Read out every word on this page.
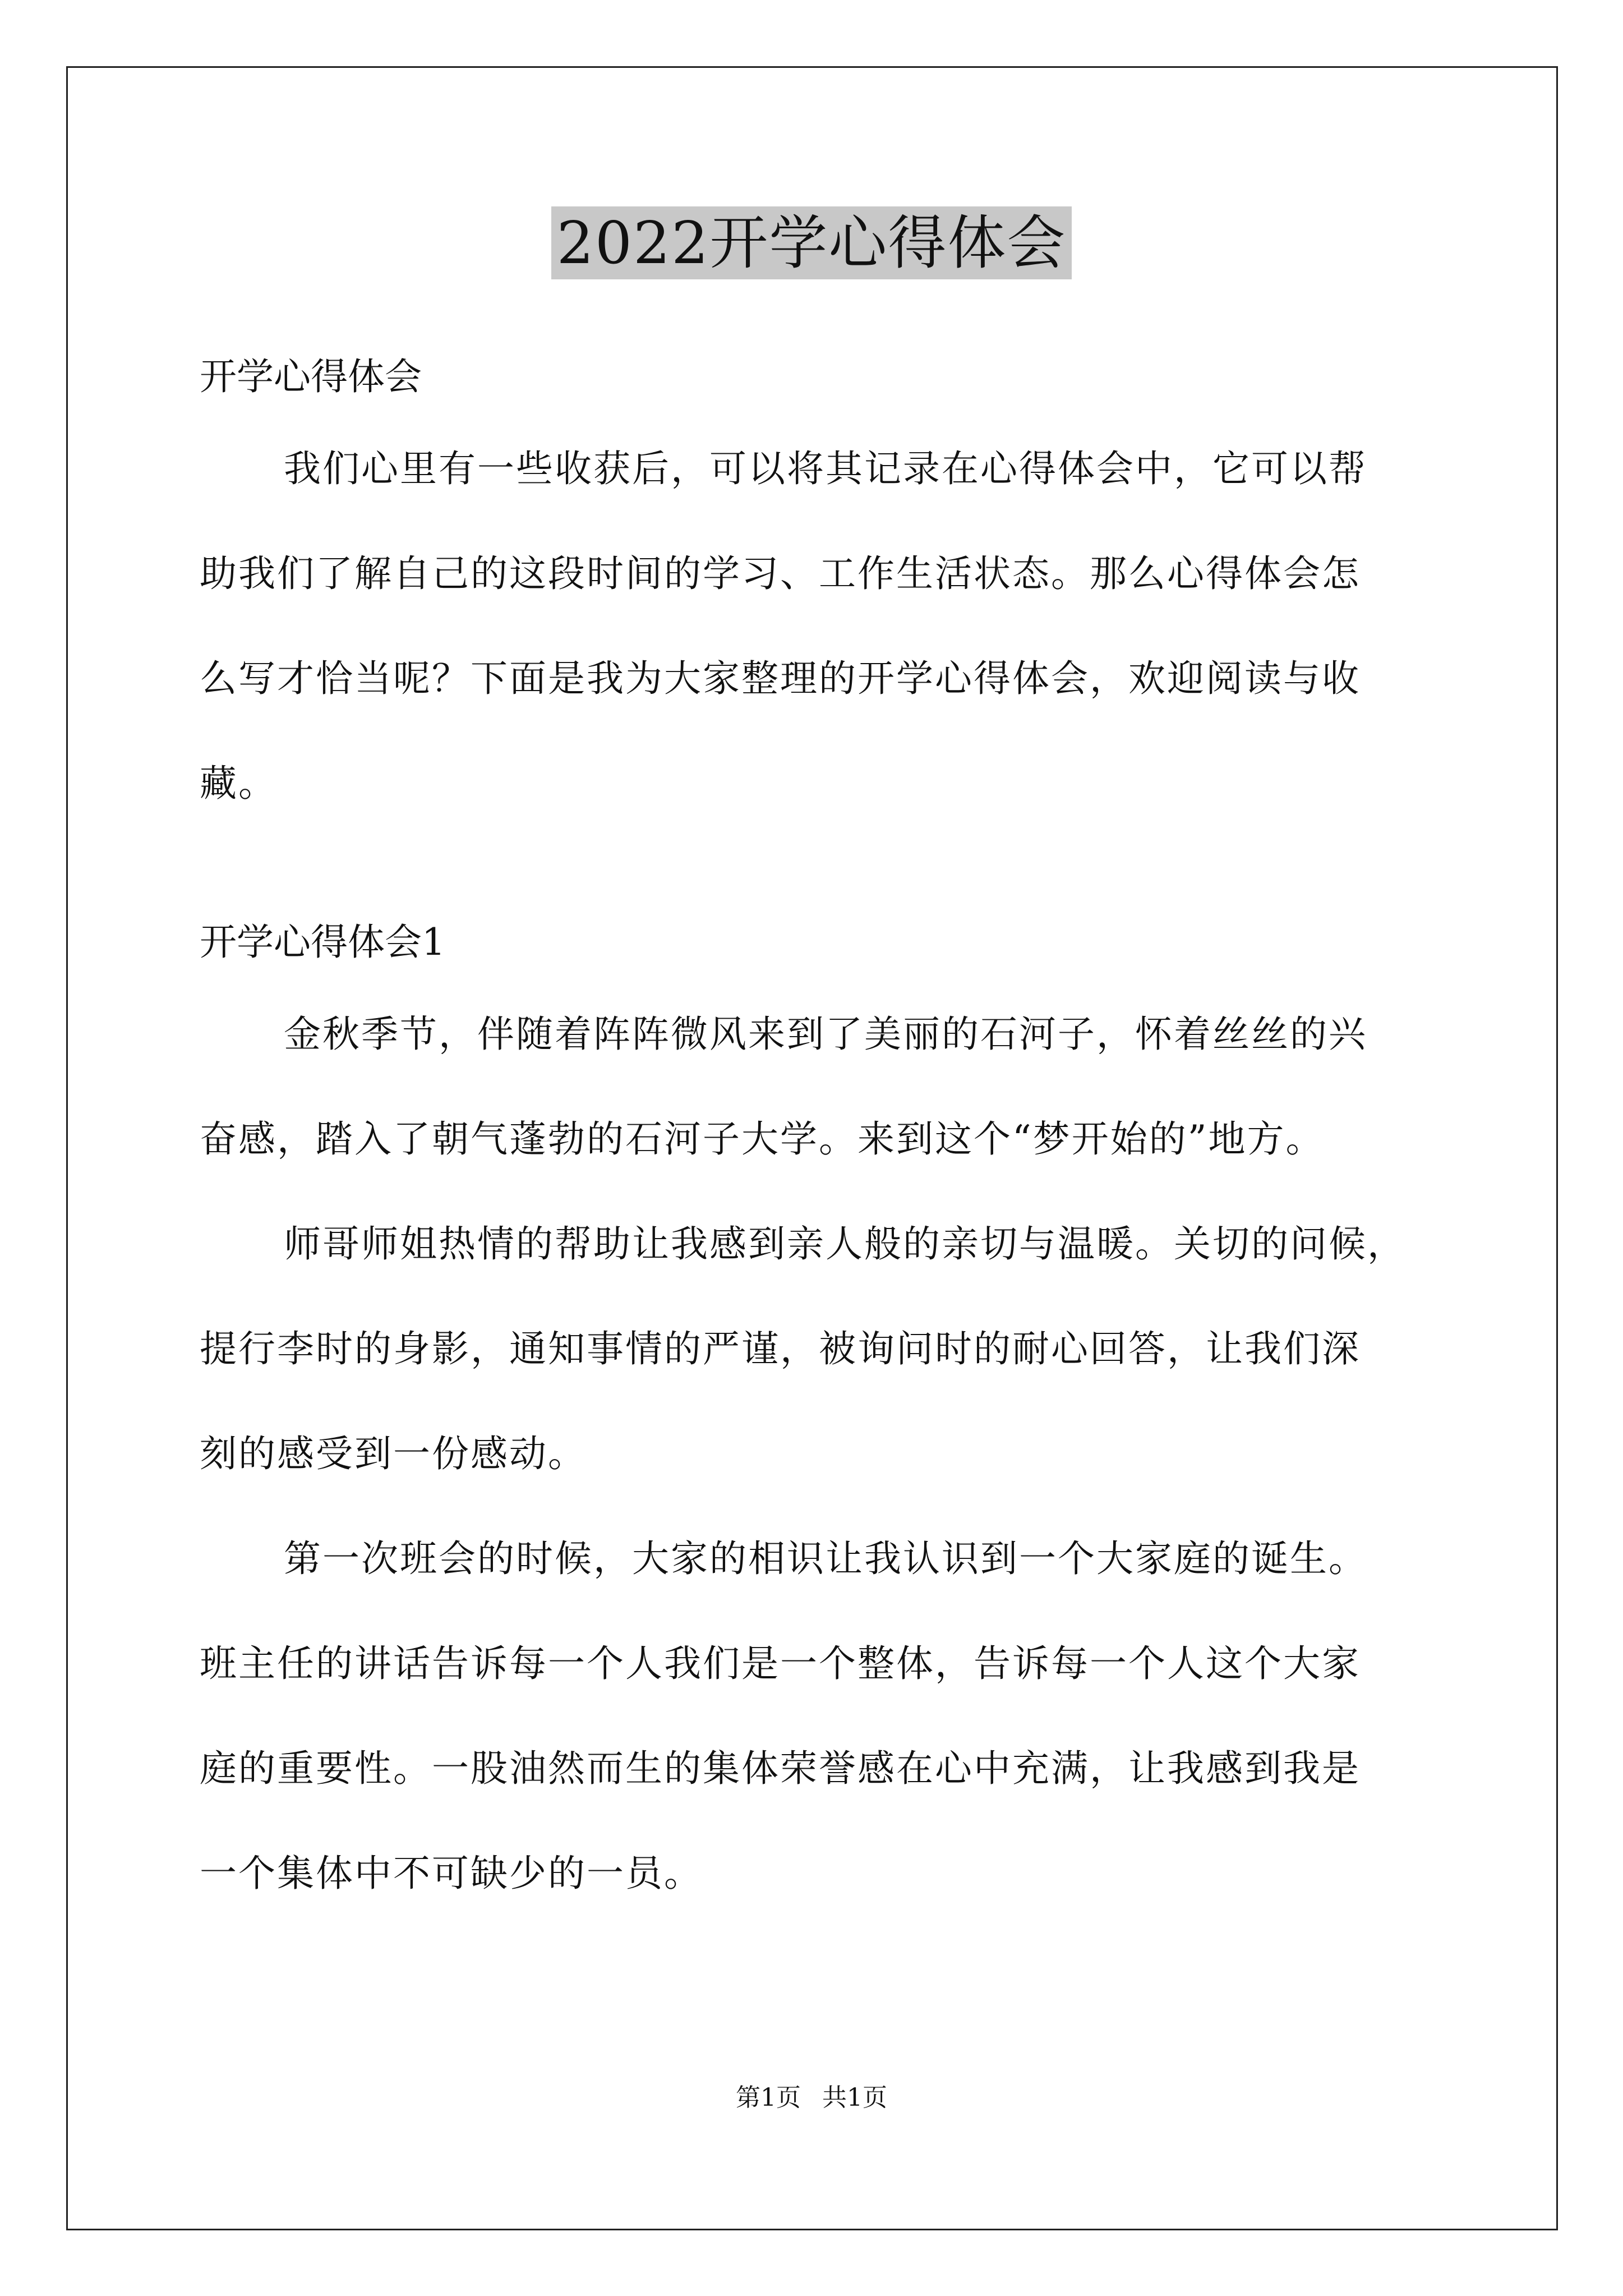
2022开学心得体会

开学心得体会

我们心里有一些收获后，可以将其记录在心得体会中，它可以帮
助我们了解自己的这段时间的学习、工作生活状态。那么心得体会怎
么写才恰当呢？下面是我为大家整理的开学心得体会，欢迎阅读与收
藏。

开学心得体会1

金秋季节，伴随着阵阵微风来到了美丽的石河子，怀着丝丝的兴
奋感，踏入了朝气蓬勃的石河子大学。来到这个“梦开始的”地方。

师哥师姐热情的帮助让我感到亲人般的亲切与温暖。关切的问候，
提行李时的身影，通知事情的严谨，被询问时的耐心回答，让我们深
刻的感受到一份感动。

第一次班会的时候，大家的相识让我认识到一个大家庭的诞生。
班主任的讲话告诉每一个人我们是一个整体，告诉每一个人这个大家
庭的重要性。一股油然而生的集体荣誉感在心中充满，让我感到我是
一个集体中不可缺少的一员。

第1页 共1页
